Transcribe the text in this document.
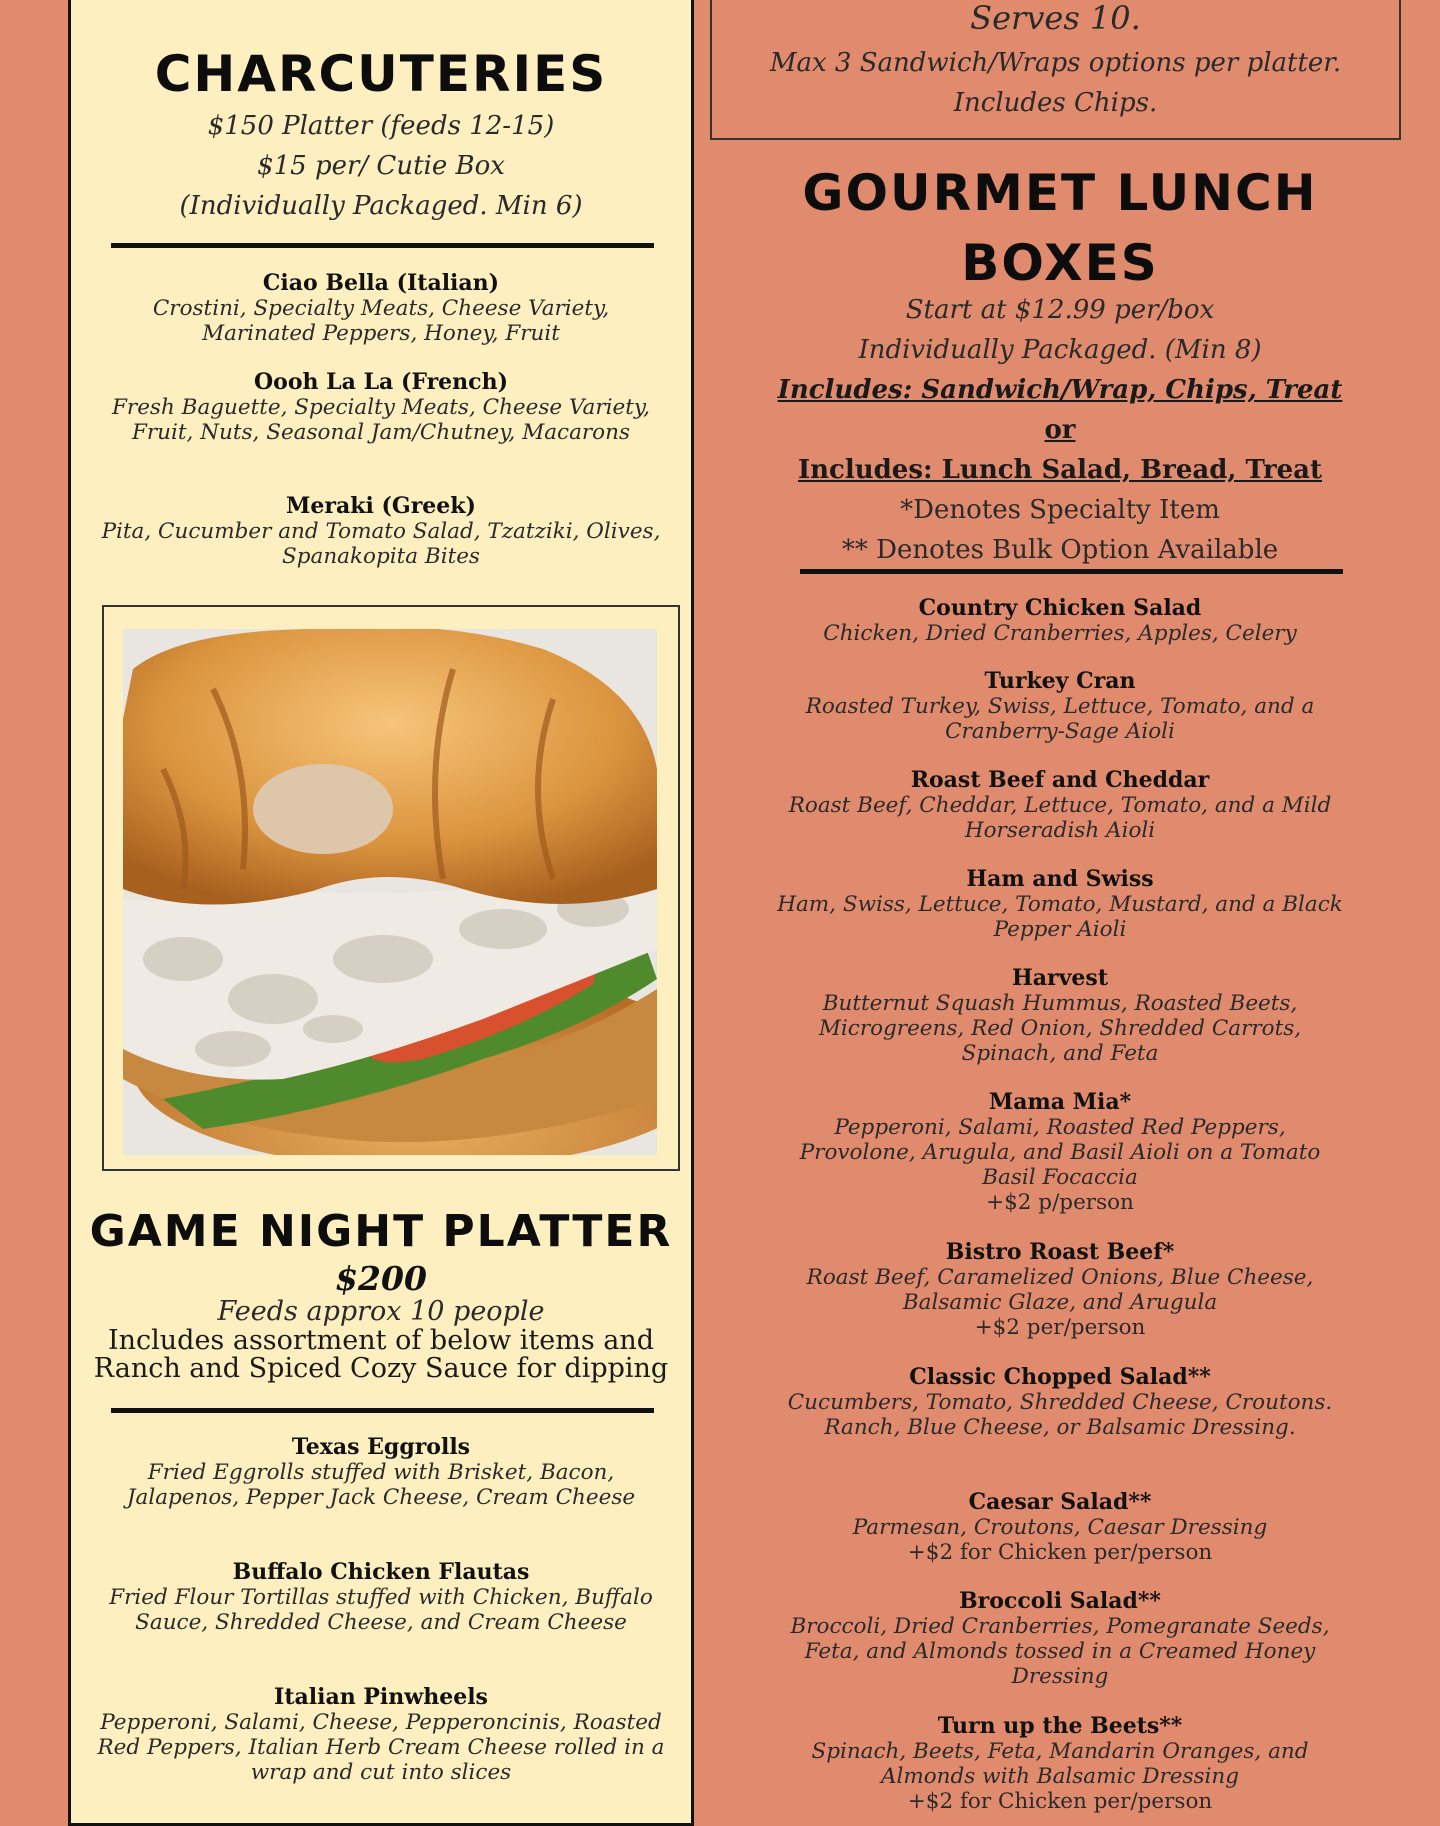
CHARCUTERIES
$150 Platter (feeds 12-15)
$15 per/ Cutie Box
(Individually Packaged. Min 6)
Ciao Bella (Italian)
Crostini, Specialty Meats, Cheese Variety,
Marinated Peppers, Honey, Fruit
Oooh La La (French)
Fresh Baguette, Specialty Meats, Cheese Variety,
Fruit, Nuts, Seasonal Jam/Chutney, Macarons
Meraki (Greek)
Pita, Cucumber and Tomato Salad, Tzatziki, Olives,
Spanakopita Bites
GAME NIGHT PLATTER
$200
Feeds approx 10 people
Includes assortment of below items and
Ranch and Spiced Cozy Sauce for dipping
Texas Eggrolls
Fried Eggrolls stuffed with Brisket, Bacon,
Jalapenos, Pepper Jack Cheese, Cream Cheese
Buffalo Chicken Flautas
Fried Flour Tortillas stuffed with Chicken, Buffalo
Sauce, Shredded Cheese, and Cream Cheese
Italian Pinwheels
Pepperoni, Salami, Cheese, Pepperoncinis, Roasted
Red Peppers, Italian Herb Cream Cheese rolled in a
wrap and cut into slices
Serves 10.
Max 3 Sandwich/Wraps options per platter.
Includes Chips.
GOURMET LUNCH
BOXES
Start at $12.99 per/box
Individually Packaged. (Min 8)
Includes: Sandwich/Wrap, Chips, Treat
or
Includes: Lunch Salad, Bread, Treat
*Denotes Specialty Item
** Denotes Bulk Option Available
Country Chicken Salad
Chicken, Dried Cranberries, Apples, Celery
Turkey Cran
Roasted Turkey, Swiss, Lettuce, Tomato, and a
Cranberry-Sage Aioli
Roast Beef and Cheddar
Roast Beef, Cheddar, Lettuce, Tomato, and a Mild
Horseradish Aioli
Ham and Swiss
Ham, Swiss, Lettuce, Tomato, Mustard, and a Black
Pepper Aioli
Harvest
Butternut Squash Hummus, Roasted Beets,
Microgreens, Red Onion, Shredded Carrots,
Spinach, and Feta
Mama Mia*
Pepperoni, Salami, Roasted Red Peppers,
Provolone, Arugula, and Basil Aioli on a Tomato
Basil Focaccia
+$2 p/person
Bistro Roast Beef*
Roast Beef, Caramelized Onions, Blue Cheese,
Balsamic Glaze, and Arugula
+$2 per/person
Classic Chopped Salad**
Cucumbers, Tomato, Shredded Cheese, Croutons.
Ranch, Blue Cheese, or Balsamic Dressing.
Caesar Salad**
Parmesan, Croutons, Caesar Dressing
+$2 for Chicken per/person
Broccoli Salad**
Broccoli, Dried Cranberries, Pomegranate Seeds,
Feta, and Almonds tossed in a Creamed Honey
Dressing
Turn up the Beets**
Spinach, Beets, Feta, Mandarin Oranges, and
Almonds with Balsamic Dressing
+$2 for Chicken per/person
